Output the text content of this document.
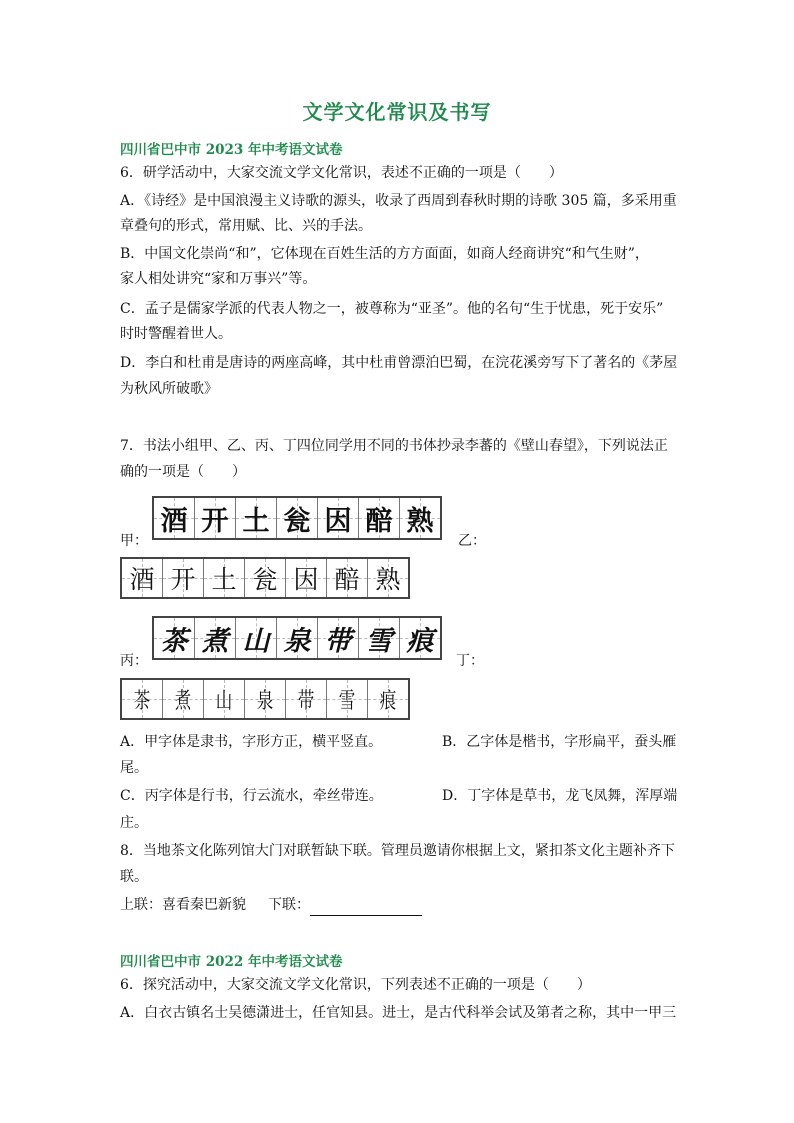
文学文化常识及书写
四川省巴中市 2023 年中考语文试卷
6．研学活动中，大家交流文学文化常识，表述不正确的一项是（　　）
A．《诗经》是中国浪漫主义诗歌的源头，收录了西周到春秋时期的诗歌 305 篇，多采用重
章叠句的形式，常用赋、比、兴的手法。
B．中国文化崇尚“和”，它体现在百姓生活的方方面面，如商人经商讲究“和气生财”，
家人相处讲究“家和万事兴”等。
C．孟子是儒家学派的代表人物之一，被尊称为“亚圣”。他的名句“生于忧患，死于安乐”
时时警醒着世人。
D．李白和杜甫是唐诗的两座高峰，其中杜甫曾漂泊巴蜀，在浣花溪旁写下了著名的《茅屋
为秋风所破歌》
7．书法小组甲、乙、丙、丁四位同学用不同的书体抄录李蕃的《壁山春望》，下列说法正
确的一项是（　　）
甲：
酒 开 土 瓮 因 醅 熟
乙：
酒 开 土 瓮 因 醅 熟
丙：
茶 煮 山 泉 带 雪 痕
丁：
茶 煮 山 泉 带 雪 痕
A．甲字体是隶书，字形方正，横平竖直。	B．乙字体是楷书，字形扁平，蚕头雁
尾。
C．丙字体是行书，行云流水，牵丝带连。	D．丁字体是草书，龙飞凤舞，浑厚端
庄。
8．当地茶文化陈列馆大门对联暂缺下联。管理员邀请你根据上文，紧扣茶文化主题补齐下
联。
上联：喜看秦巴新貌 下联：
四川省巴中市 2022 年中考语文试卷
6．探究活动中，大家交流文学文化常识，下列表述不正确的一项是（　　）
A．白衣古镇名士吴德潇进士，任官知县。进士，是古代科举会试及第者之称，其中一甲三
